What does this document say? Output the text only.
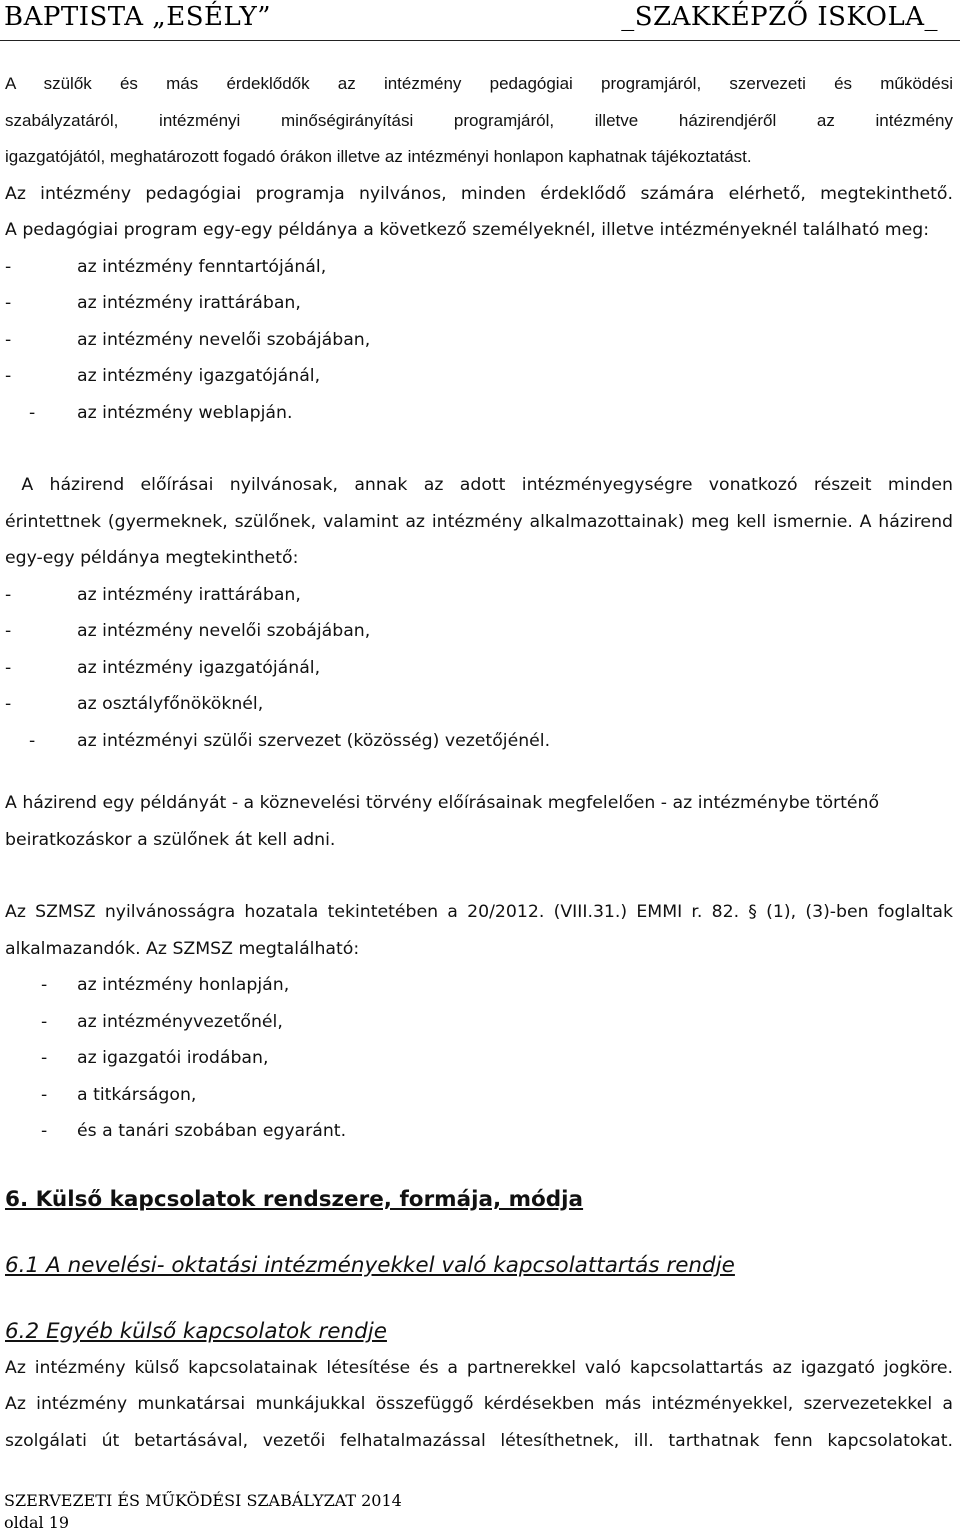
BAPTISTA „ESÉLY”	_SZAKKÉPZŐ ISKOLA_
A szülők és más érdeklődők az intézmény pedagógiai programjáról, szervezeti és működési
szabályzatáról, intézményi minőségirányítási programjáról, illetve házirendjéről az intézmény
igazgatójától, meghatározott fogadó órákon illetve az intézményi honlapon kaphatnak tájékoztatást.
Az intézmény pedagógiai programja nyilvános, minden érdeklődő számára elérhető, megtekinthető.
A pedagógiai program egy-egy példánya a következő személyeknél, illetve intézményeknél található meg:
-	az intézmény fenntartójánál,
-	az intézmény irattárában,
-	az intézmény nevelői szobájában,
-	az intézmény igazgatójánál,
- az intézmény weblapján.
A házirend előírásai nyilvánosak, annak az adott intézményegységre vonatkozó részeit minden
érintettnek (gyermeknek, szülőnek, valamint az intézmény alkalmazottainak) meg kell ismernie. A házirend
egy-egy példánya megtekinthető:
-	az intézmény irattárában,
-	az intézmény nevelői szobájában,
-	az intézmény igazgatójánál,
-	az osztályfőnököknél,
- az intézményi szülői szervezet (közösség) vezetőjénél.
A házirend egy példányát - a köznevelési törvény előírásainak megfelelően - az intézménybe történő
beiratkozáskor a szülőnek át kell adni.
Az SZMSZ nyilvánosságra hozatala tekintetében a 20/2012. (VIII.31.) EMMI r. 82. § (1), (3)-ben foglaltak
alkalmazandók. Az SZMSZ megtalálható:
- az intézmény honlapján,
- az intézményvezetőnél,
- az igazgatói irodában,
- a titkárságon,
- és a tanári szobában egyaránt.
6. Külső kapcsolatok rendszere, formája, módja
6.1 A nevelési- oktatási intézményekkel való kapcsolattartás rendje
6.2 Egyéb külső kapcsolatok rendje
Az intézmény külső kapcsolatainak létesítése és a partnerekkel való kapcsolattartás az igazgató jogköre.
Az intézmény munkatársai munkájukkal összefüggő kérdésekben más intézményekkel, szervezetekkel a
szolgálati út betartásával, vezetői felhatalmazással létesíthetnek, ill. tarthatnak fenn kapcsolatokat.
SZERVEZETI ÉS MŰKÖDÉSI SZABÁLYZAT 2014
oldal 19
